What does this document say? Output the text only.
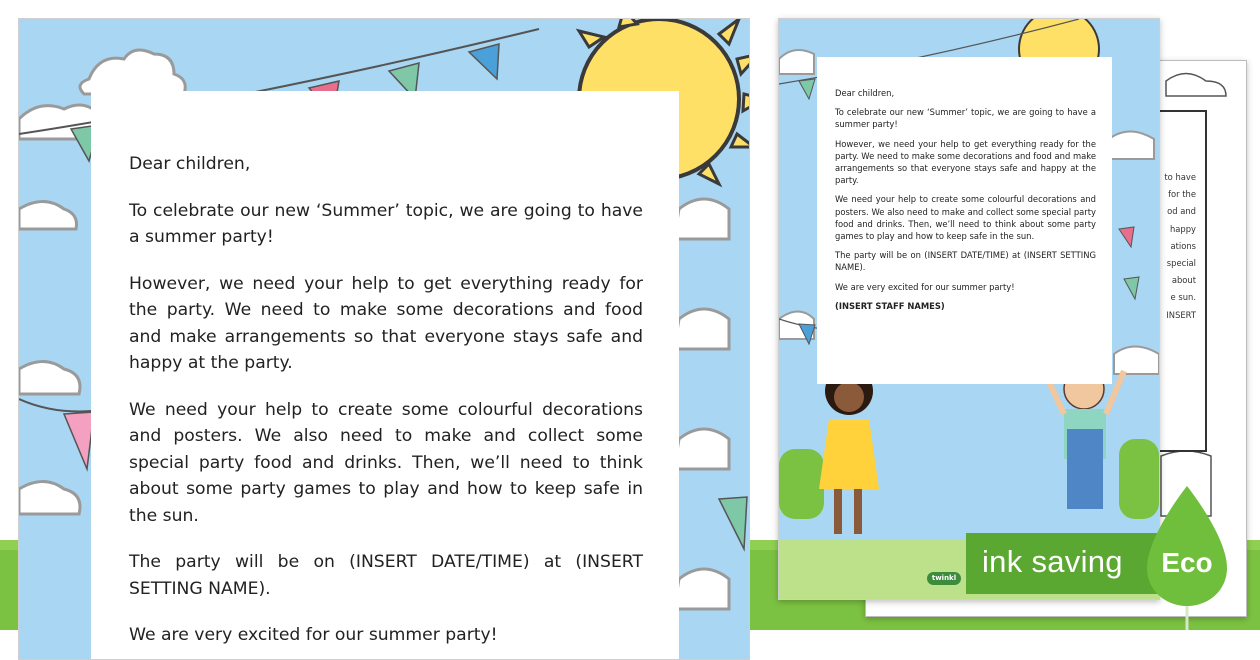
Dear children,

To celebrate our new ‘Summer’ topic, we are going to have a summer party!

However, we need your help to get everything ready for the party. We need to make some decorations and food and make arrangements so that everyone stays safe and happy at the party.

We need your help to create some colourful decorations and posters. We also need to make and collect some special party food and drinks. Then, we’ll need to think about some party games to play and how to keep safe in the sun.

The party will be on (INSERT DATE/TIME) at (INSERT SETTING NAME).

We are very excited for our summer party!

to have

for the

od and

happy

ations

special

about

e sun.

INSERT

twinkl

Dear children,

To celebrate our new ‘Summer’ topic, we are going to have a summer party!

However, we need your help to get everything ready for the party. We need to make some decorations and food and make arrangements so that everyone stays safe and happy at the party.

We need your help to create some colourful decorations and posters. We also need to make and collect some special party food and drinks. Then, we’ll need to think about some party games to play and how to keep safe in the sun.

The party will be on (INSERT DATE/TIME) at (INSERT SETTING NAME).

We are very excited for our summer party!

(INSERT STAFF NAMES)

ink saving Eco
